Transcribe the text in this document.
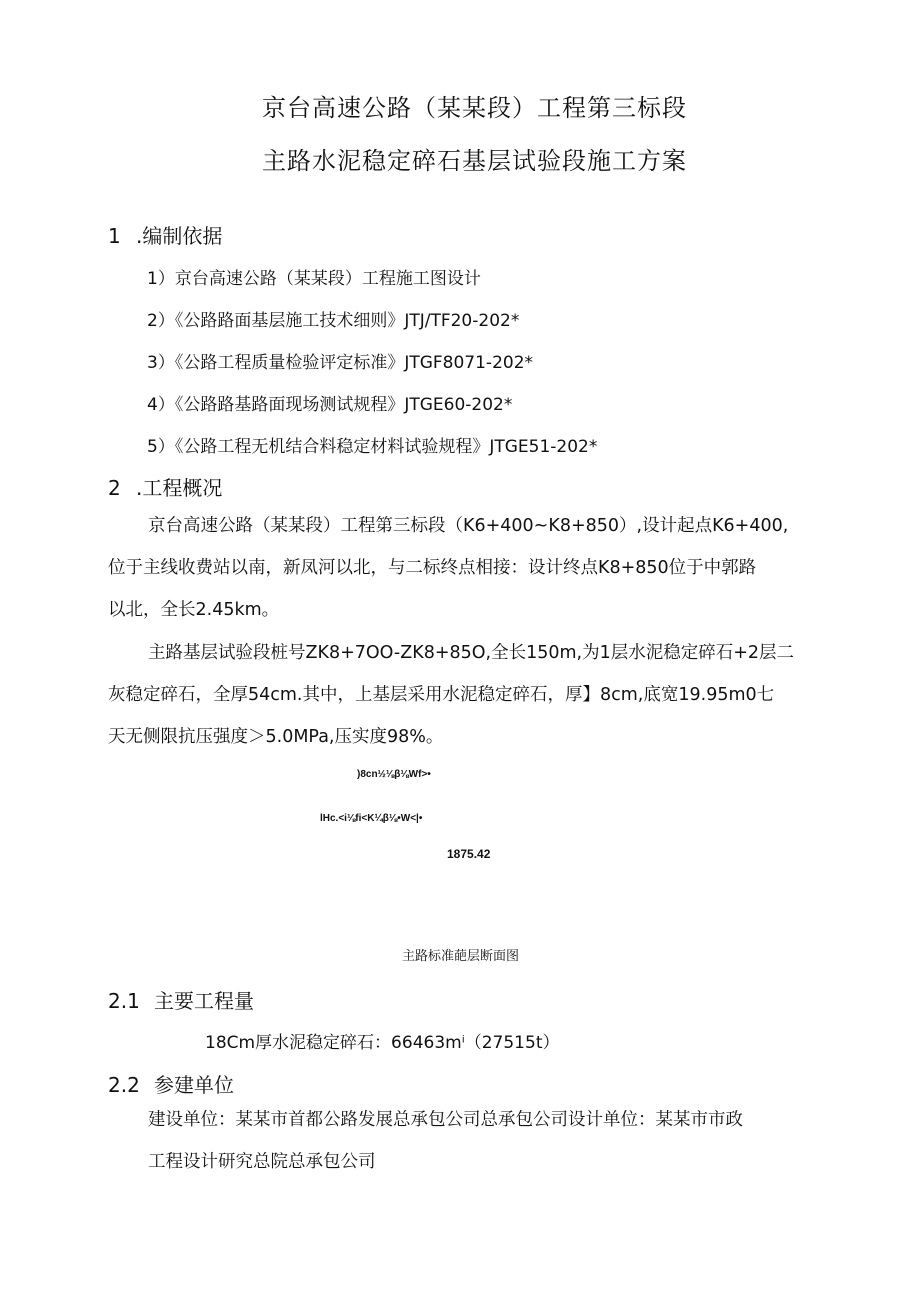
京台高速公路（某某段）工程第三标段
主路水泥稳定碎石基层试验段施工方案
1 .编制依据
1）京台高速公路（某某段）工程施工图设计
2）《公路路面基层施工技术细则》JTJ/TF20-202*
3）《公路工程质量检验评定标准》JTGF8071-202*
4）《公路路基路面现场测试规程》JTGE60-202*
5）《公路工程无机结合料稳定材料试验规程》JTGE51-202*
2 .工程概况
京台高速公路（某某段）工程第三标段（K6+400~K8+850）,设计起点K6+400,
位于主线收费站以南，新凤河以北，与二标终点相接：设计终点K8+850位于中郭路
以北，全长2.45km。
主路基层试验段桩号ZK8+7OO-ZK8+85O,全长150m,为1层水泥稳定碎石+2层二
灰稳定碎石，全厚54cm.其中，上基层采用水泥稳定碎石，厚】8cm,底宽19.95m0七
天无侧限抗压强度＞5.0MPa,压实度98%。
)8cn½⅛β⅛Wf>•
lHc.<i⅛fi<K¼β⅛•W<|•
1875.42
主路标准葩层断面图
2.1 主要工程量
18Cm厚水泥稳定碎石：66463mⁱ（27515t）
2.2 参建单位
建设单位：某某市首都公路发展总承包公司总承包公司设计单位：某某市市政
工程设计研究总院总承包公司
